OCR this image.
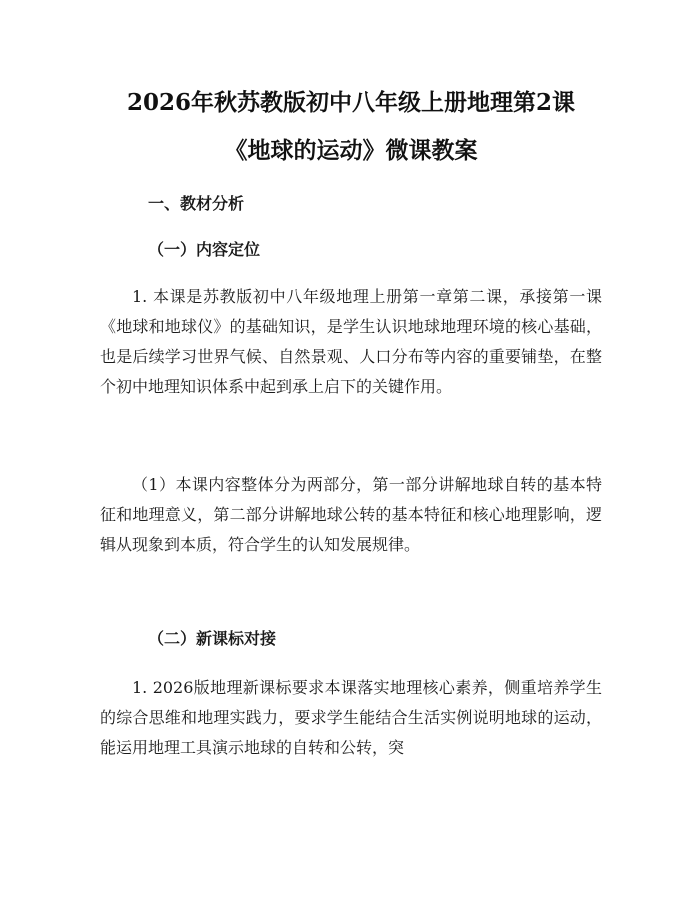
2026年秋苏教版初中八年级上册地理第2课
《地球的运动》微课教案
一、教材分析
（一）内容定位

1. 本课是苏教版初中八年级地理上册第一章第二课，承接第一课《地球和地球仪》的基础知识，是学生认识地球地理环境的核心基础，也是后续学习世界气候、自然景观、人口分布等内容的重要铺垫，在整个初中地理知识体系中起到承上启下的关键作用。

（1）本课内容整体分为两部分，第一部分讲解地球自转的基本特征和地理意义，第二部分讲解地球公转的基本特征和核心地理影响，逻辑从现象到本质，符合学生的认知发展规律。

（二）新课标对接

1. 2026版地理新课标要求本课落实地理核心素养，侧重培养学生的综合思维和地理实践力，要求学生能结合生活实例说明地球的运动，能运用地理工具演示地球的自转和公转，突
